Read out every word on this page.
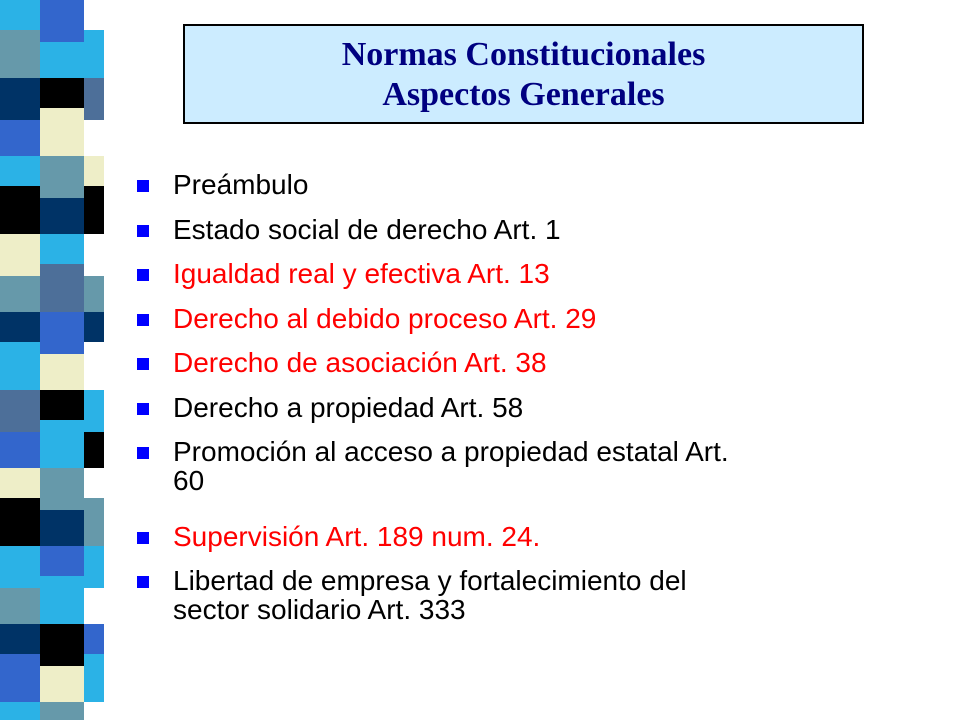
Normas Constitucionales
Aspectos Generales
Preámbulo
Estado social de derecho Art. 1
Igualdad real y efectiva Art. 13
Derecho al debido proceso Art. 29
Derecho de asociación Art. 38
Derecho a propiedad Art. 58
Promoción al acceso a propiedad estatal Art.
60
Supervisión Art. 189 num. 24.
Libertad de empresa y fortalecimiento del
sector solidario Art. 333
